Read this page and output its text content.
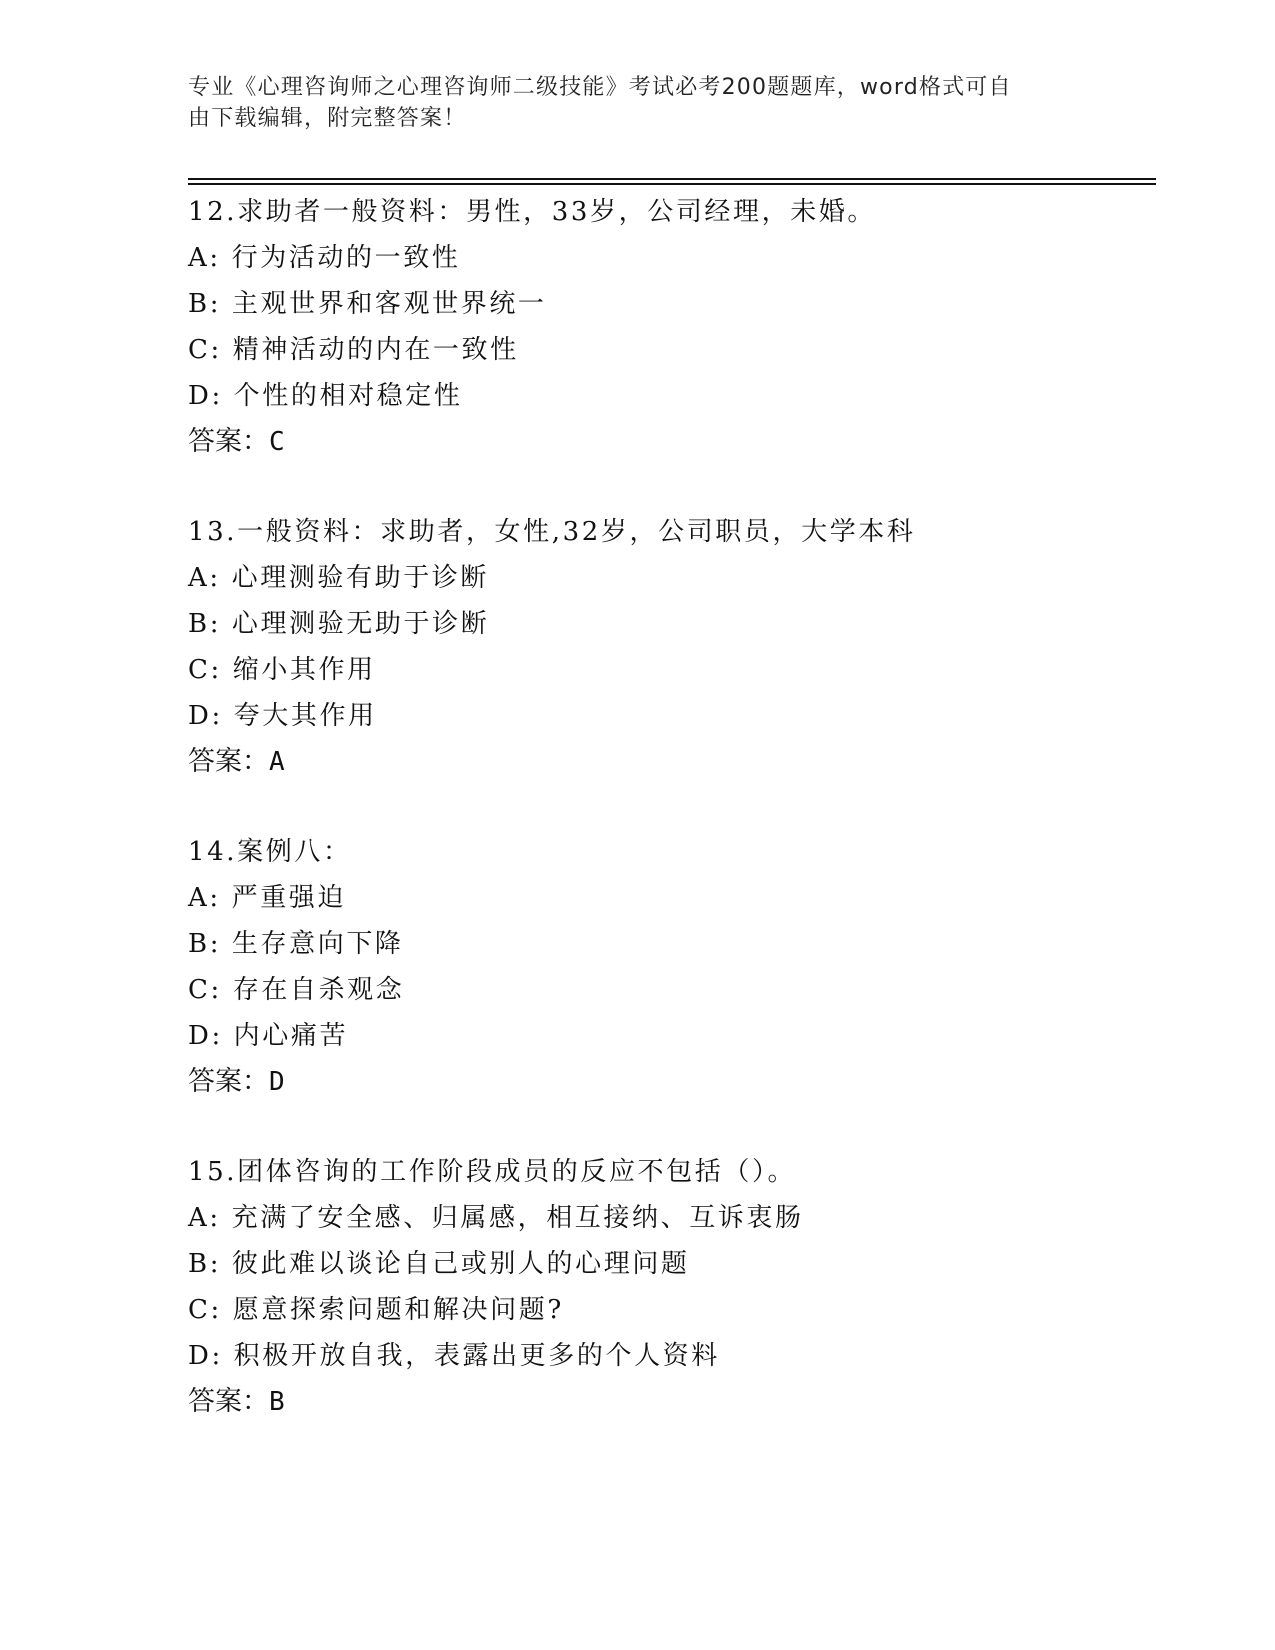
专业《心理咨询师之心理咨询师二级技能》考试必考200题题库，word格式可自
由下载编辑，附完整答案！
12.求助者一般资料：男性，33岁，公司经理，未婚。
A: 行为活动的一致性
B: 主观世界和客观世界统一
C: 精神活动的内在一致性
D: 个性的相对稳定性
答案：C
13.一般资料：求助者，女性,32岁，公司职员，大学本科
A: 心理测验有助于诊断
B: 心理测验无助于诊断
C: 缩小其作用
D: 夸大其作用
答案：A
14.案例八：
A: 严重强迫
B: 生存意向下降
C: 存在自杀观念
D: 内心痛苦
答案：D
15.团体咨询的工作阶段成员的反应不包括（）。
A: 充满了安全感、归属感，相互接纳、互诉衷肠
B: 彼此难以谈论自己或别人的心理问题
C: 愿意探索问题和解决问题?
D: 积极开放自我，表露出更多的个人资料
答案：B
